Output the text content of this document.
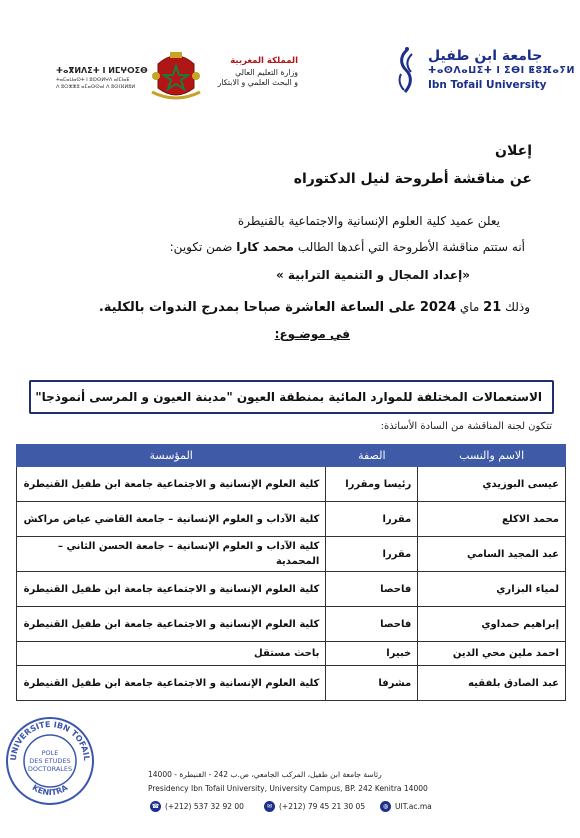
جامعة ابن طفيل
ⵜⴰⵙⴷⴰⵡⵉⵜ ⵏ ⵉⴱⵏ ⵟⵓⴼⴰⵢⵍ
Ibn Tofail University
المملكة المغربية
وزارة التعليم العالي
و البحث العلمي و الابتكار
ⵜⴰⴳⵍⴷⵉⵜ ⵏ ⵍⵎⵖⵔⵉⴱ
ⵜⴰⵎⴰⵡⴰⵙⵜ ⵏ ⵓⵙⵙⵍⵖⴷ ⴰⵏⵎⵏⴰⴹ
ⴷ ⵓⵔⵣⵣⵓ ⴰⵎⴰⵙⵙⴰⵏ ⴷ ⵓⵙⵏⴼⵍⵓⵍ
إعلان
عن مناقشة أطروحة لنيل الدكتوراه
يعلن عميد كلية العلوم الإنسانية والاجتماعية بالقنيطرة
أنه ستتم مناقشة الأطروحة التي أعدها الطالب محمد كارا ضمن تكوين:
«إعداد المجال و التنمية الترابية »
وذلك 21 ماي 2024 على الساعة العاشرة صباحا بمدرج الندوات بالكلية.
في موضـوع:
الاستعمالات المختلفة للموارد المائية بمنطقة العيون "مدينة العيون و المرسى أنموذجا"
تتكون لجنة المناقشة من السادة الأساتذة:
الاسم والنسب	الصفة	المؤسسة
عيسى البوزيدي	رئيسا ومقررا	كلية العلوم الإنسانية و الاجتماعية جامعة ابن طفيل القنيطرة
محمد الاكلع	مقررا	كلية الآداب و العلوم الإنسانية – جامعة القاضي عياض مراكش
عبد المجيد السامي	مقررا	كلية الآداب و العلوم الإنسانية – جامعة الحسن الثاني – المحمدية
لمياء البزاري	فاحصا	كلية العلوم الإنسانية و الاجتماعية جامعة ابن طفيل القنيطرة
إبراهيم حمداوي	فاحصا	كلية العلوم الإنسانية و الاجتماعية جامعة ابن طفيل القنيطرة
احمد ملين محي الدين	خبيرا	باحث مستقل
عبد الصادق بلفقيه	مشرفا	كلية العلوم الإنسانية و الاجتماعية جامعة ابن طفيل القنيطرة
UNIVERSITE IBN TOFAIL
KENITRA
POLE
DES ETUDES
DOCTORALES
رئاسة جامعة ابن طفيل، المركب الجامعي، ص.ب 242 - القنيطرة - 14000
Presidency Ibn Tofail University, University Campus, BP. 242 Kenitra 14000
☎ (+212) 537 32 92 00	✉ (+212) 79 45 21 30 05	◍ UIT.ac.ma
